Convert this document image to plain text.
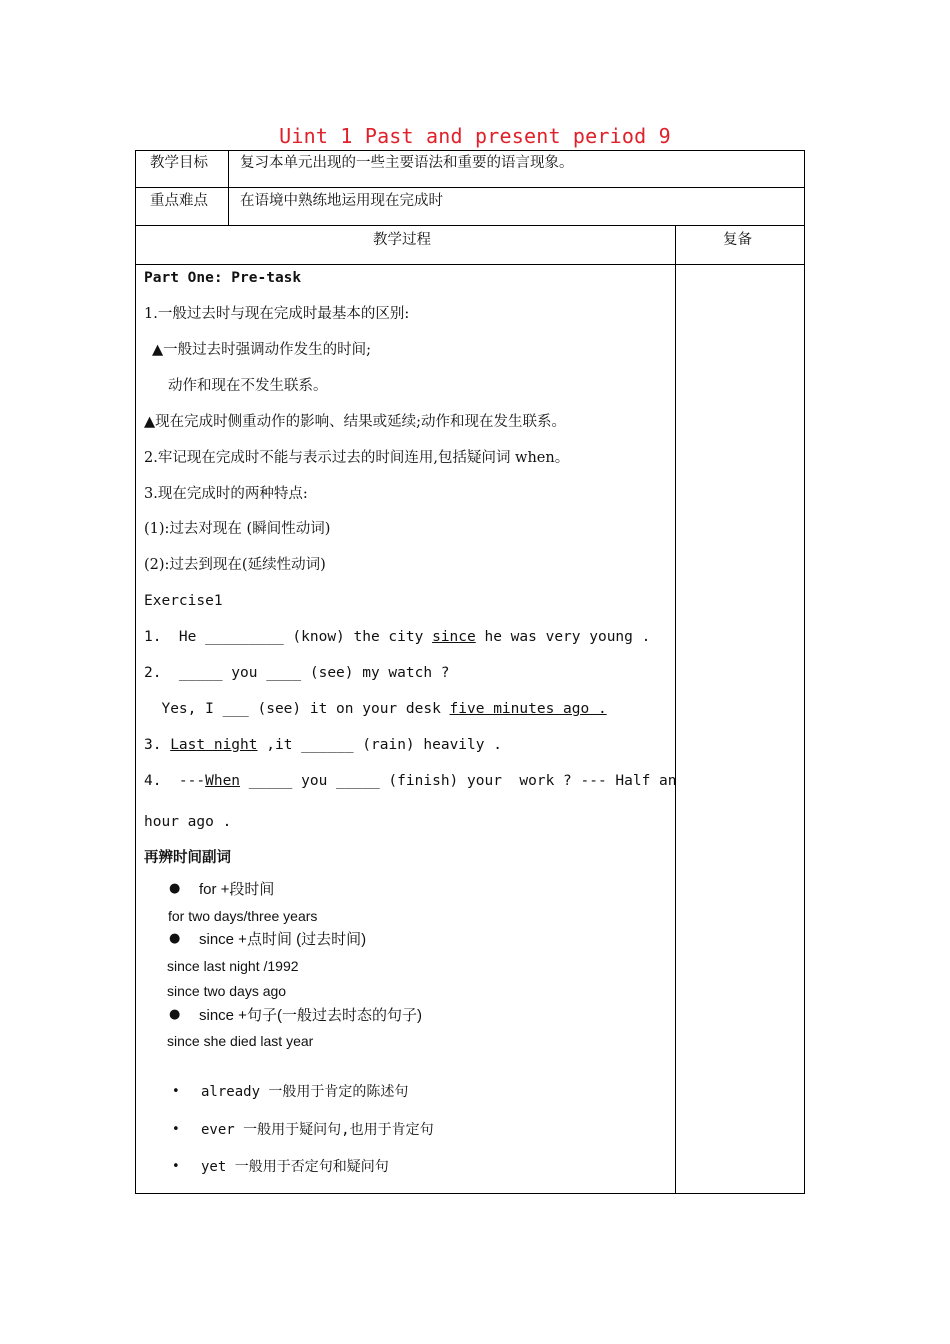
Uint 1 Past and present period 9
教学目标 复习本单元出现的一些主要语法和重要的语言现象。
重点难点 在语境中熟练地运用现在完成时
教学过程	复备
Part One: Pre-task
1.一般过去时与现在完成时最基本的区别:
▲一般过去时强调动作发生的时间;
动作和现在不发生联系。
▲现在完成时侧重动作的影响、结果或延续;动作和现在发生联系。
2.牢记现在完成时不能与表示过去的时间连用,包括疑问词 when。
3.现在完成时的两种特点:
(1):过去对现在 (瞬间性动词)
(2):过去到现在(延续性动词)
Exercise1
1.  He _________ (know) the city since he was very young .
2.  _____ you ____ (see) my watch ?
Yes, I ___ (see) it on your desk five minutes ago .
3. Last night ,it ______ (rain) heavily .
4.  ---When _____ you _____ (finish) your  work ? --- Half an
hour ago .
再辨时间副词
● for +段时间
for two days/three years
● since +点时间 (过去时间)
since last night /1992
since two days ago
● since +句子(一般过去时态的句子)
since she died last year
• already 一般用于肯定的陈述句
• ever 一般用于疑问句,也用于肯定句
• yet 一般用于否定句和疑问句
